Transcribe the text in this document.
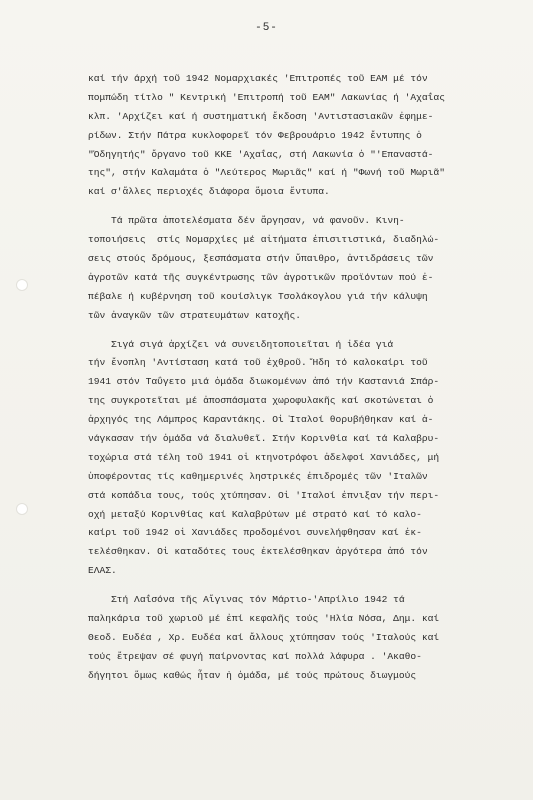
-5-
καί τήν άρχή τοῦ 1942 Νομαρχιακές 'Επιτροπές τοῦ ΕΑΜ μέ τόν
πομπώδη τίτλο " Κεντρική 'Επιτροπή τοῦ ΕΑΜ" Λακωνίας ή 'Αχαΐας
κλπ. 'Αρχίζει καί ή συστηματική ἔκδοση 'Αντιστασιακῶν ἐφημε-
ρίδων. Στήν Πάτρα κυκλοφορεῖ τόν Φεβρουάριο 1942 ἔντυπης ὁ
"Ὁδηγητής" ὄργανο τοῦ ΚΚΕ 'Αχαΐας, στή Λακωνία ὁ "'Επαναστά-
της", στήν Καλαμάτα ὁ "Λεύτερος Μωριᾶς" καί ή "Φωνή τοῦ Μωριᾶ"
καί σ'ἄλλες περιοχές διάφορα ὅμοια ἔντυπα.
Τά πρῶτα ἀποτελέσματα δέν ἄργησαν, νά φανοῦν. Κινη-
τοποιήσεις  στίς Νομαρχίες μέ αἰτήματα ἐπισιτιστικά, διαδηλώ-
σεις στούς δρόμους, ξεσπάσματα στήν ὕπαιθρο, ἀντιδράσεις τῶν
ἀγροτῶν κατά τῆς συγκέντρωσης τῶν ἀγροτικῶν προϊόντων πού ἐ-
πέβαλε ή κυβέρνηση τοῦ κουίσλιγκ Τσολάκογλου γιά τήν κάλυψη
τῶν ἀναγκῶν τῶν στρατευμάτων κατοχῆς.
Σιγά σιγά ἀρχίζει νά συνειδητοποιεῖται ή ἰδέα γιά
τήν ἔνοπλη 'Αντίσταση κατά τοῦ ἐχθροῦ. Ἤδη τό καλοκαίρι τοῦ
1941 στόν Ταΰγετο μιά ὁμάδα διωκομένων ἀπό τήν Καστανιά Σπάρ-
της συγκροτεῖται μέ ἀποσπάσματα χωροφυλακῆς καί σκοτώνεται ὁ
ἀρχηγός της Λάμπρος Καραντάκης. Οἱ Ἰταλοί θορυβήθηκαν καί ἀ-
νάγκασαν τήν ὁμάδα νά διαλυθεῖ. Στήν Κορινθία καί τά Καλαβρυ-
τοχώρια στά τέλη τοῦ 1941 οἱ κτηνοτρόφοι ἀδελφοί Χανιάδες, μή
ὑποφέροντας τίς καθημερινές ληστρικές ἐπιδρομές τῶν 'Ιταλῶν
στά κοπάδια τους, τούς χτύπησαν. Οἱ 'Ιταλοί ἐπνιξαν τήν περι-
οχή μεταξύ Κορινθίας καί Καλαβρύτων μέ στρατό καί τό καλο-
καίρι τοῦ 1942 οἱ Χανιάδες προδομένοι συνελήφθησαν καί ἐκ-
τελέσθηκαν. Οἱ καταδότες τους ἐκτελέσθηκαν ἀργότερα ἀπό τόν
ΕΛΑΣ.
Στή Λαΐσόνα τῆς Αἴγινας τόν Μάρτιο-'Απρίλιο 1942 τά
παληκάρια τοῦ χωριοῦ μέ ἐπί κεφαλῆς τούς 'Ηλία Νόσα, Δημ. καί
Θεοδ. Ευδέα , Χρ. Ευδέα καί ἄλλους χτύπησαν τούς 'Ιταλούς καί
τούς ἔτρεψαν σέ φυγή παίρνοντας καί πολλά λάφυρα . 'Ακαθο-
δήγητοι ὅμως καθώς ἦταν ἡ ὁμάδα, μέ τούς πρώτους διωγμούς
